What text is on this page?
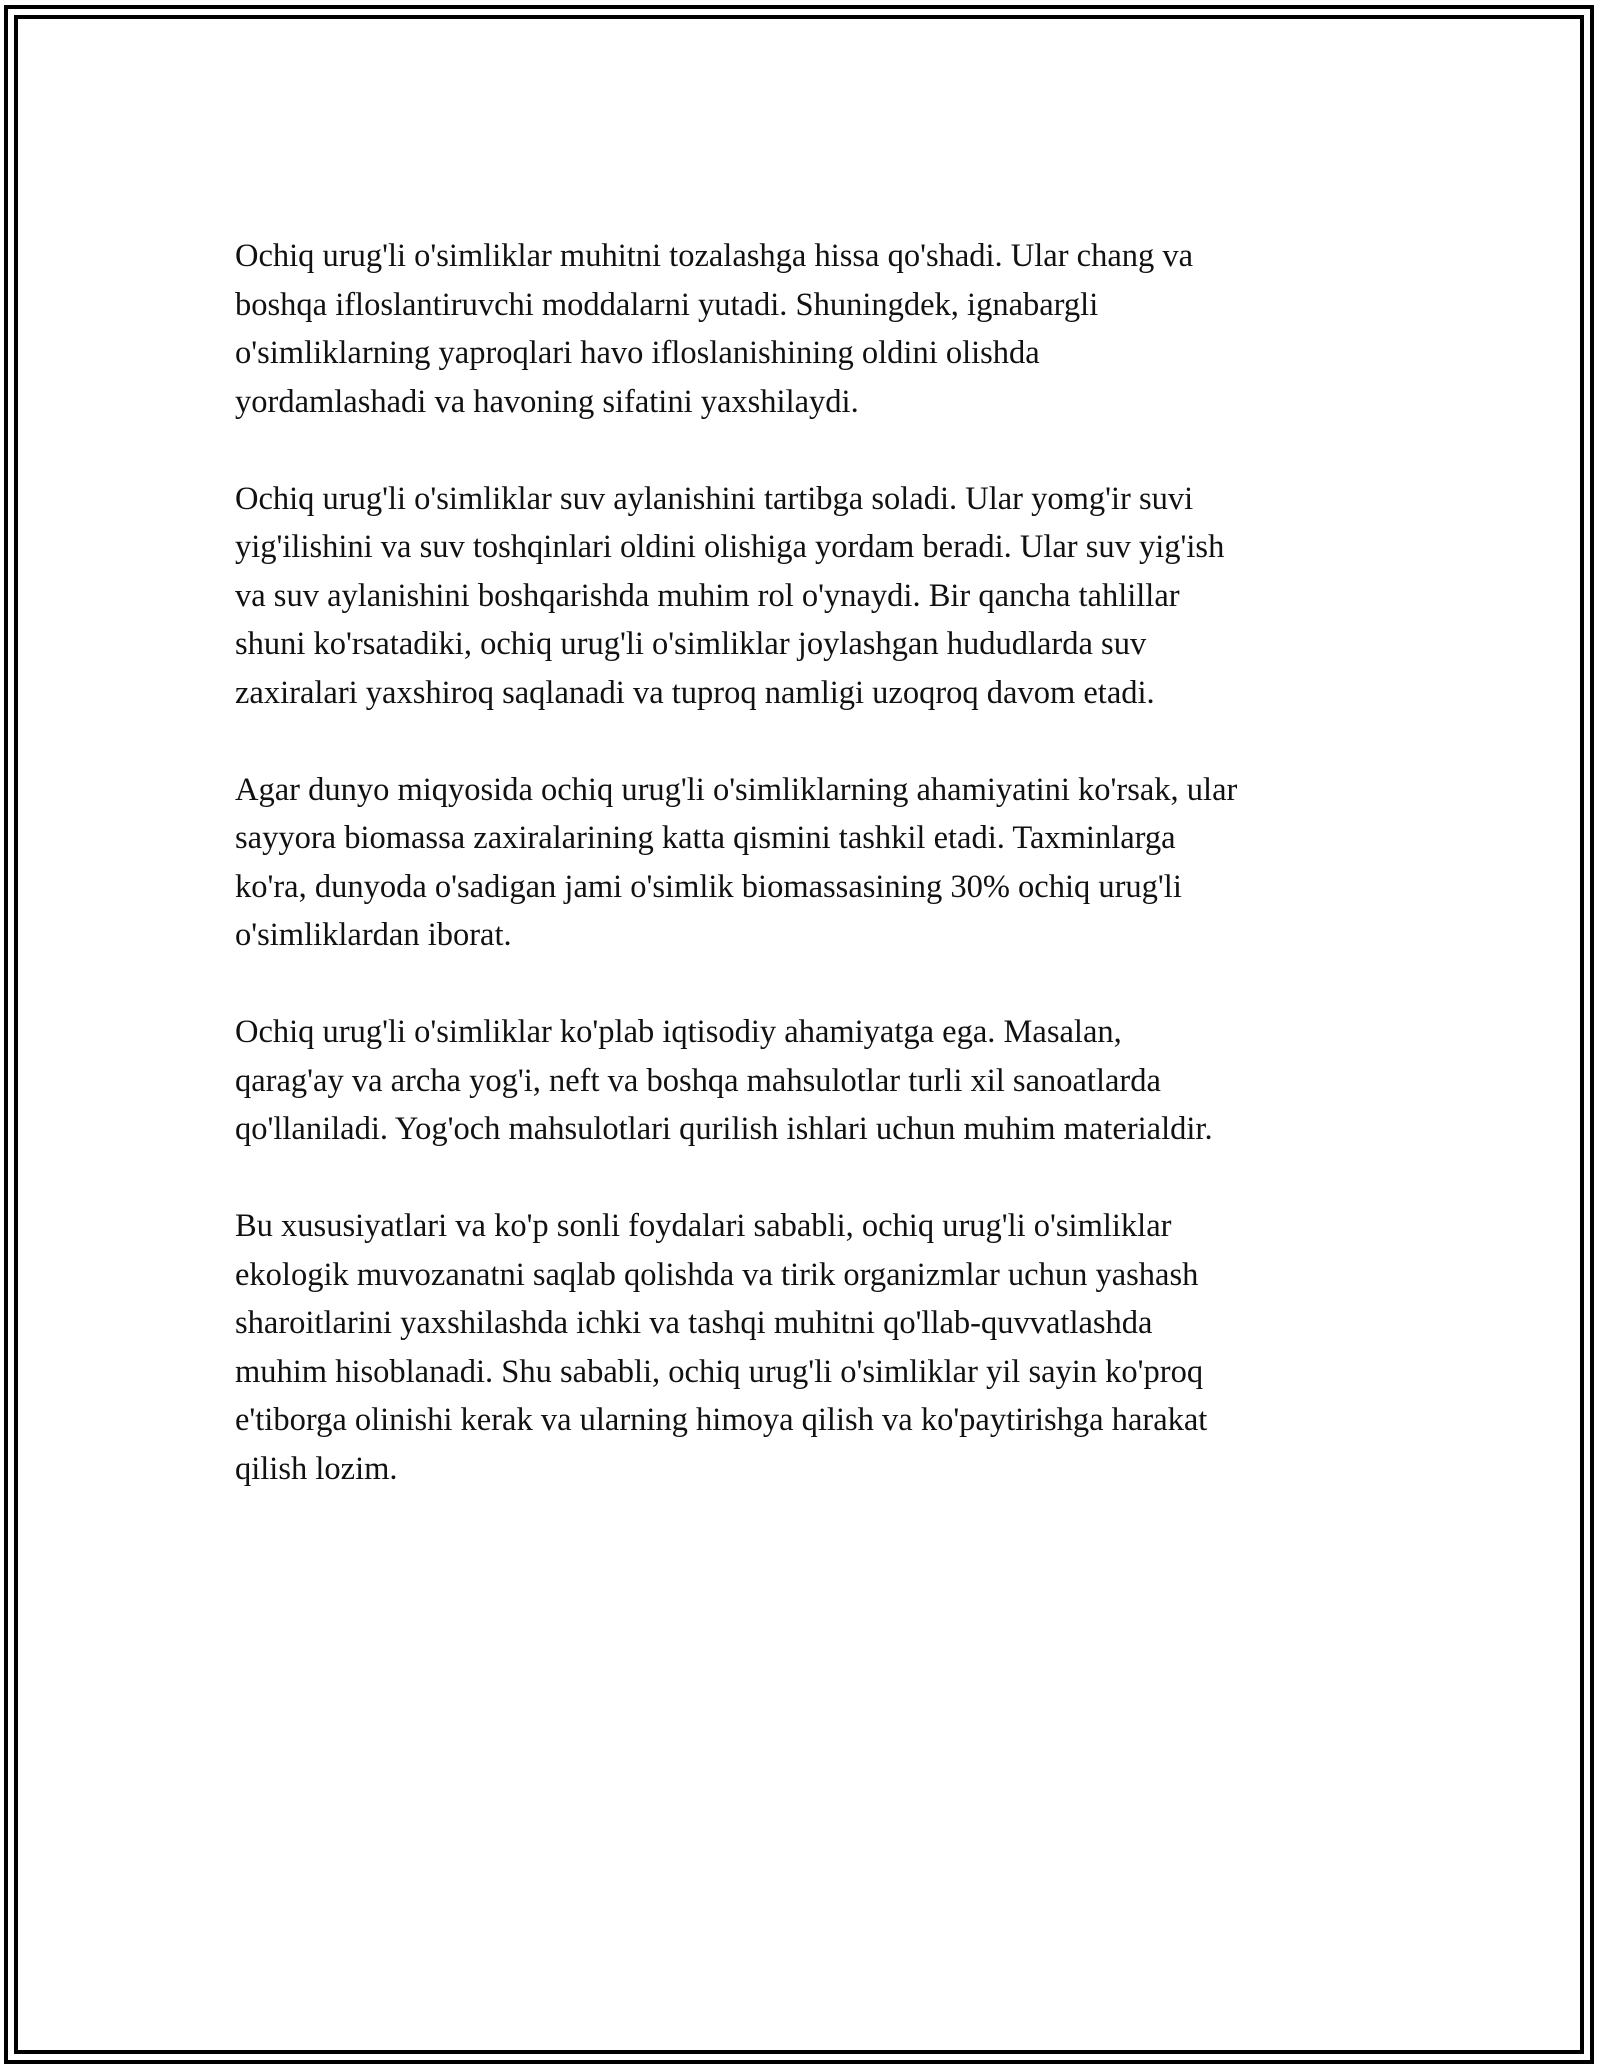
Ochiq urug'li o'simliklar muhitni tozalashga hissa qo'shadi. Ular chang va
boshqa ifloslantiruvchi moddalarni yutadi. Shuningdek, ignabargli
o'simliklarning yaproqlari havo ifloslanishining oldini olishda
yordamlashadi va havoning sifatini yaxshilaydi.

Ochiq urug'li o'simliklar suv aylanishini tartibga soladi. Ular yomg'ir suvi
yig'ilishini va suv toshqinlari oldini olishiga yordam beradi. Ular suv yig'ish
va suv aylanishini boshqarishda muhim rol o'ynaydi. Bir qancha tahlillar
shuni ko'rsatadiki, ochiq urug'li o'simliklar joylashgan hududlarda suv
zaxiralari yaxshiroq saqlanadi va tuproq namligi uzoqroq davom etadi.

Agar dunyo miqyosida ochiq urug'li o'simliklarning ahamiyatini ko'rsak, ular
sayyora biomassa zaxiralarining katta qismini tashkil etadi. Taxminlarga
ko'ra, dunyoda o'sadigan jami o'simlik biomassasining 30% ochiq urug'li
o'simliklardan iborat.

Ochiq urug'li o'simliklar ko'plab iqtisodiy ahamiyatga ega. Masalan,
qarag'ay va archa yog'i, neft va boshqa mahsulotlar turli xil sanoatlarda
qo'llaniladi. Yog'och mahsulotlari qurilish ishlari uchun muhim materialdir.

Bu xususiyatlari va ko'p sonli foydalari sababli, ochiq urug'li o'simliklar
ekologik muvozanatni saqlab qolishda va tirik organizmlar uchun yashash
sharoitlarini yaxshilashda ichki va tashqi muhitni qo'llab-quvvatlashda
muhim hisoblanadi. Shu sababli, ochiq urug'li o'simliklar yil sayin ko'proq
e'tiborga olinishi kerak va ularning himoya qilish va ko'paytirishga harakat
qilish lozim.
